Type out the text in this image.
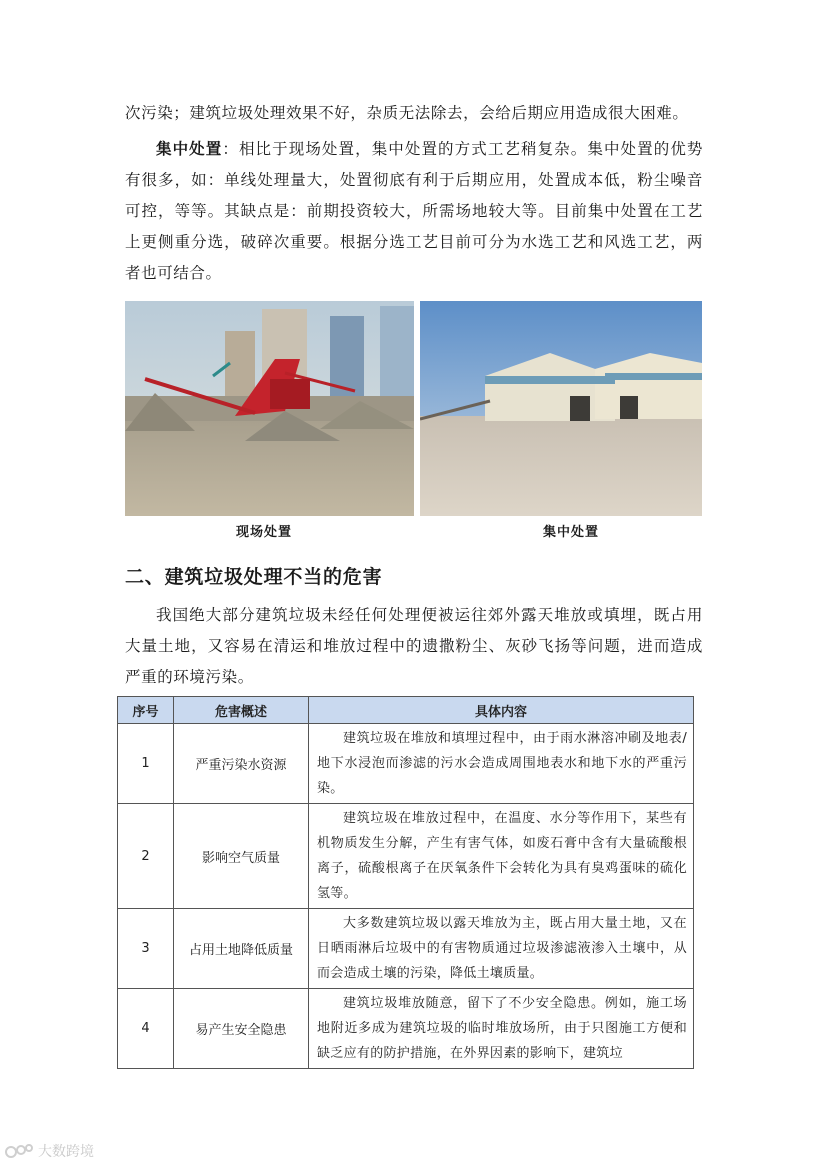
次污染；建筑垃圾处理效果不好，杂质无法除去，会给后期应用造成很大困难。

集中处置：相比于现场处置，集中处置的方式工艺稍复杂。集中处置的优势有很多，如：单线处理量大，处置彻底有利于后期应用，处置成本低，粉尘噪音可控，等等。其缺点是：前期投资较大，所需场地较大等。目前集中处置在工艺上更侧重分选，破碎次重要。根据分选工艺目前可分为水选工艺和风选工艺，两者也可结合。

现场处置	集中处置
二、建筑垃圾处理不当的危害

我国绝大部分建筑垃圾未经任何处理便被运往郊外露天堆放或填埋，既占用大量土地，又容易在清运和堆放过程中的遗撒粉尘、灰砂飞扬等问题，进而造成严重的环境污染。

序号	危害概述	具体内容
1	严重污染水资源	建筑垃圾在堆放和填埋过程中，由于雨水淋溶冲刷及地表/地下水浸泡而渗滤的污水会造成周围地表水和地下水的严重污染。
2	影响空气质量	建筑垃圾在堆放过程中，在温度、水分等作用下，某些有机物质发生分解，产生有害气体，如废石膏中含有大量硫酸根离子，硫酸根离子在厌氧条件下会转化为具有臭鸡蛋味的硫化氢等。
3	占用土地降低质量	大多数建筑垃圾以露天堆放为主，既占用大量土地，又在日晒雨淋后垃圾中的有害物质通过垃圾渗滤液渗入土壤中，从而会造成土壤的污染，降低土壤质量。
4	易产生安全隐患	建筑垃圾堆放随意，留下了不少安全隐患。例如，施工场地附近多成为建筑垃圾的临时堆放场所，由于只图施工方便和缺乏应有的防护措施，在外界因素的影响下，建筑垃
大数跨境
